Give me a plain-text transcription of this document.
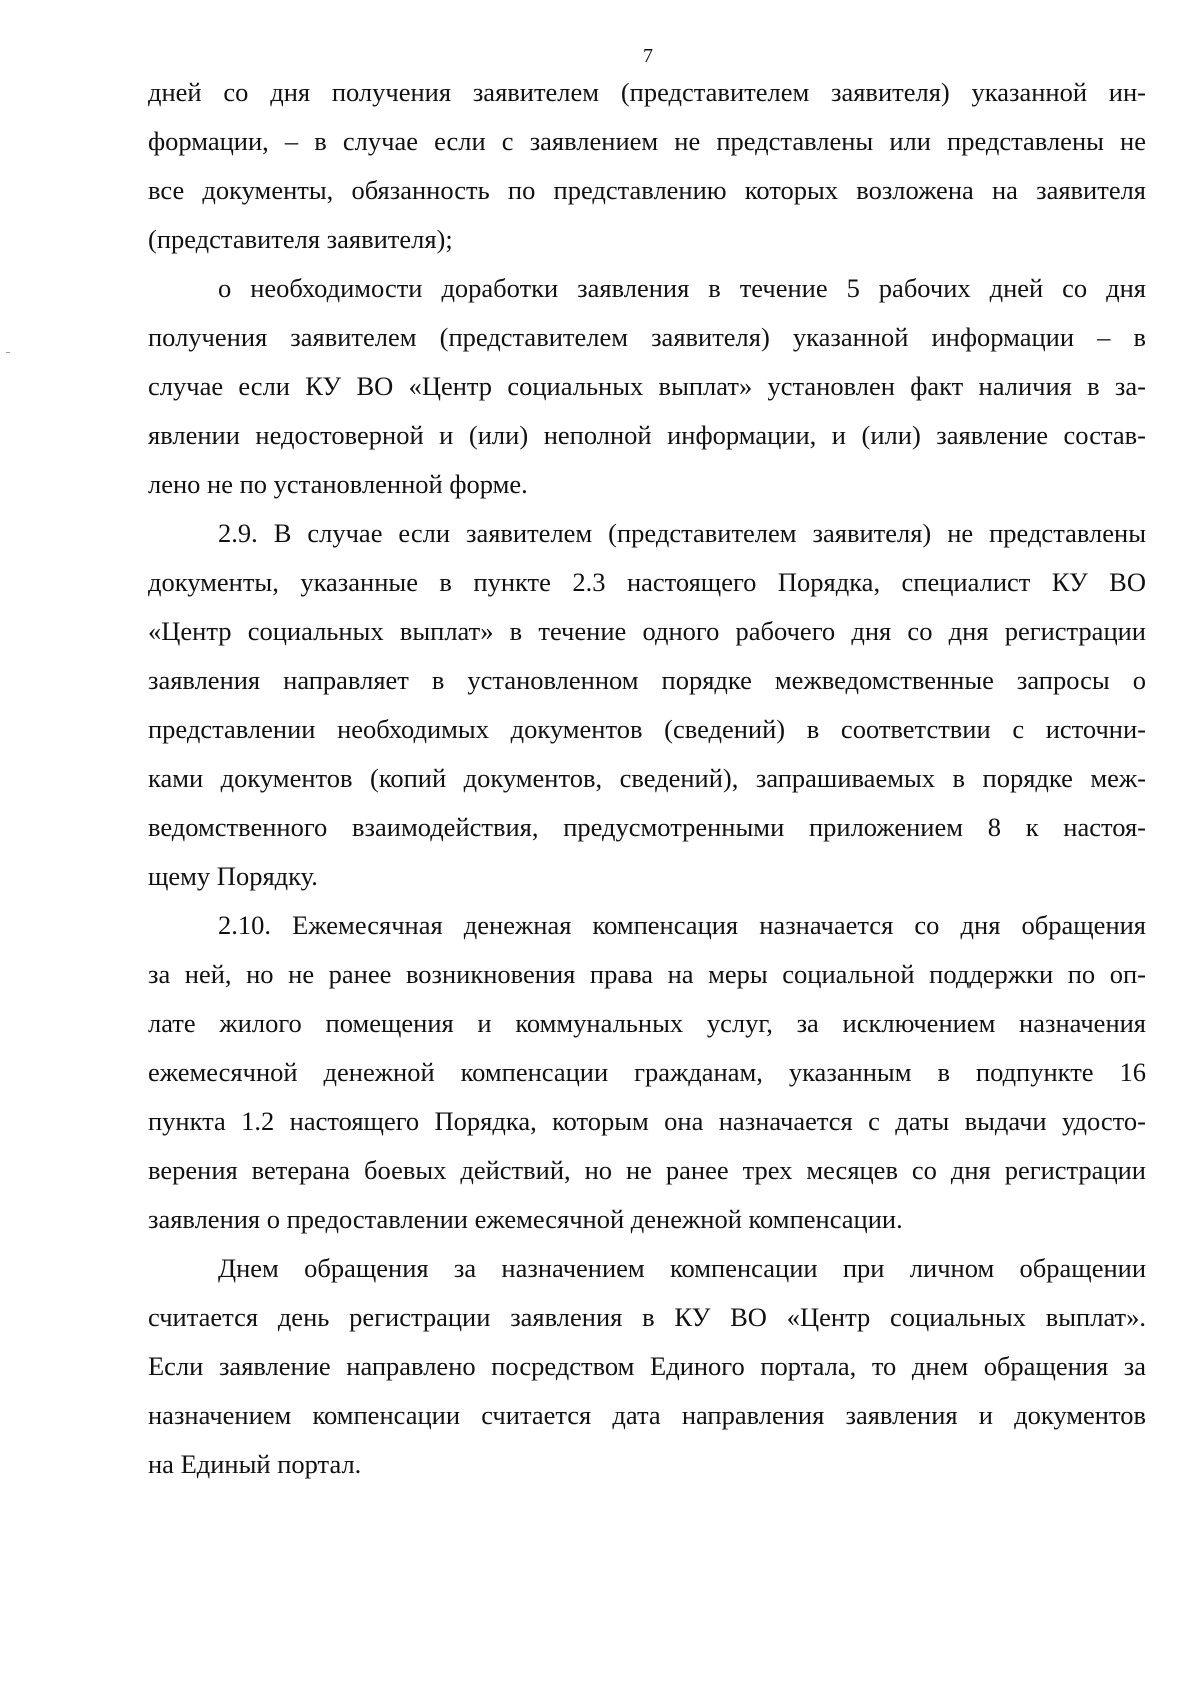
7
дней со дня получения заявителем (представителем заявителя) указанной ин-
формации, – в случае если с заявлением не представлены или представлены не
все документы, обязанность по представлению которых возложена на заявителя
(представителя заявителя);
о необходимости доработки заявления в течение 5 рабочих дней со дня
получения заявителем (представителем заявителя) указанной информации – в
случае если КУ ВО «Центр социальных выплат» установлен факт наличия в за-
явлении недостоверной и (или) неполной информации, и (или) заявление состав-
лено не по установленной форме.
2.9. В случае если заявителем (представителем заявителя) не представлены
документы, указанные в пункте 2.3 настоящего Порядка, специалист КУ ВО
«Центр социальных выплат» в течение одного рабочего дня со дня регистрации
заявления направляет в установленном порядке межведомственные запросы о
представлении необходимых документов (сведений) в соответствии с источни-
ками документов (копий документов, сведений), запрашиваемых в порядке меж-
ведомственного взаимодействия, предусмотренными приложением 8 к настоя-
щему Порядку.
2.10. Ежемесячная денежная компенсация назначается со дня обращения
за ней, но не ранее возникновения права на меры социальной поддержки по оп-
лате жилого помещения и коммунальных услуг, за исключением назначения
ежемесячной денежной компенсации гражданам, указанным в подпункте 16
пункта 1.2 настоящего Порядка, которым она назначается с даты выдачи удосто-
верения ветерана боевых действий, но не ранее трех месяцев со дня регистрации
заявления о предоставлении ежемесячной денежной компенсации.
Днем обращения за назначением компенсации при личном обращении
считается день регистрации заявления в КУ ВО «Центр социальных выплат».
Если заявление направлено посредством Единого портала, то днем обращения за
назначением компенсации считается дата направления заявления и документов
на Единый портал.
